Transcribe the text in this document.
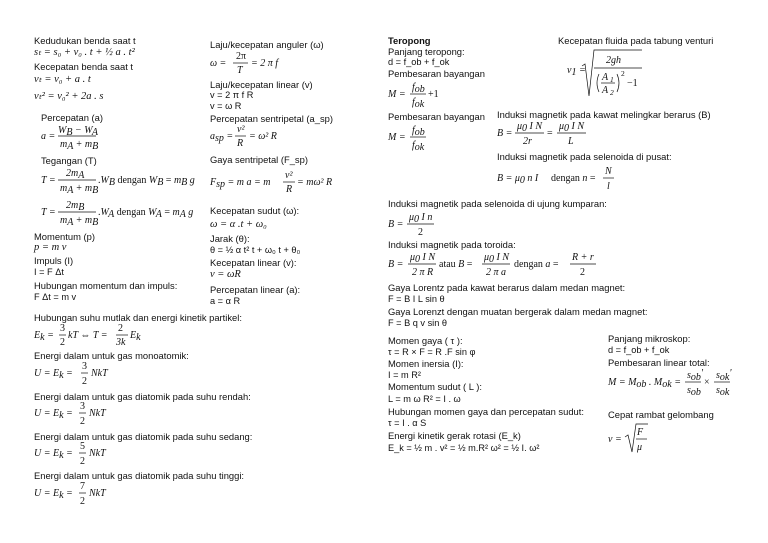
Kedudukan benda saat t
sₜ = s₀ + v₀ . t + ½ a . t²
Kecepatan benda saat t
vₜ = v₀ + a . t
vₜ² = v₀² + 2a . s
Percepatan (a)
Tegangan (T)
Momentum (p)
p = m v
Impuls (I)
I = F Δt
Hubungan momentum dan impuls:
F Δt = m v
Hubungan suhu mutlak dan energi kinetik partikel:
Energi dalam untuk gas monoatomik:
Energi dalam untuk gas diatomik pada suhu rendah:
Energi dalam untuk gas diatomik pada suhu sedang:
Energi dalam untuk gas diatomik pada suhu tinggi:
Laju/kecepatan anguler (ω)
Laju/kecepatan linear (v)
v = 2 π f R
v = ω R
Percepatan sentripetal (a_sp)
Gaya sentripetal (F_sp)
Kecepatan sudut (ω):
ω = α .t + ω₀
Jarak (θ):
θ = ½ α t² t + ω₀ t + θ₀
Kecepatan linear (v):
v = ωR
Percepatan linear (a):
a = α R
Teropong
Panjang teropong:
d = f_ob + f_ok
Pembesaran bayangan
Pembesaran bayangan Induksi magnetik pada kawat melingkar berarus (B)
Induksi magnetik pada selenoida di pusat:
Induksi magnetik pada selenoida di ujung kumparan:
Induksi magnetik pada toroida:
Gaya Lorentz pada kawat berarus dalam medan magnet:
F = B I L sin θ
Gaya Lorenzt dengan muatan bergerak dalam medan magnet:
F = B q v sin θ
Momen gaya ( τ ):
τ = R × F = R .F sin φ
Momen inersia (I):
I = m R²
Momentum sudut ( L ):
L = m ω R² = I . ω
Hubungan momen gaya dan percepatan sudut:
τ = I . α S
Energi kinetik gerak rotasi (E_k)
E_k = ½ m . v² = ½ m.R² ω² = ½ I. ω²
Kecepatan fluida pada tabung venturi
Panjang mikroskop:
d = f_ob + f_ok
Pembesaran linear total:
Cepat rambat gelombang
a =
WB − WA
mA + mB
T =
2mA
mA + mB
.WB dengan WB = mB g
T =
2mB
mA + mB
.WA dengan WA = mA g
Ek =
3
2
kT ⇔ T =
2
3k
Ek
U = Ek =
3
2
NkT
U = Ek =
3
2
NkT
U = Ek =
5
2
NkT
U = Ek =
7
2
NkT
ω =
2π
T
= 2 π f
asp =
v²
R
= ω² R
Fsp = m a = m
v²
R
= mω² R
M =
fob
fok
+1
M =
fob
fok
B =
μ0 I N
2r
=
μ0 I N
L
B = μ0 n I dengan n =
N
l
B =
μ0 I n
2
B =
μ0 I N
2 π R
atau B =
μ0 I N
2 π a
dengan a =
R + r
2
v1 =
2gh
A 1
A 2
2
−1
M = Mob . Mok =
sob'
sob
×
sok'
sok
v =
F
μ
